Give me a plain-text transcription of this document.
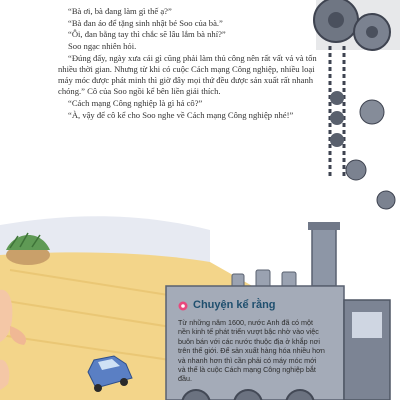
“Bà ơi, bà đang làm gì thế ạ?”

“Bà đan áo để tặng sinh nhật bé Soo của bà.”

“Ôi, đan bằng tay thì chắc sẽ lâu lắm bà nhỉ?”

Soo ngạc nhiên hỏi.

“Đúng đấy, ngày xưa cái gì cũng phải làm thủ công nên rất vất vả và tốn nhiều thời gian. Nhưng từ khi có cuộc Cách mạng Công nghiệp, nhiều loại máy móc được phát minh thì giờ đây mọi thứ đều được sản xuất rất nhanh chóng.” Cô của Soo ngồi kể bên liền giải thích.

“Cách mạng Công nghiệp là gì hả cô?”

“À, vậy để cô kể cho Soo nghe về Cách mạng Công nghiệp nhé!”

Chuyện kể rằng
Từ những năm 1600, nước Anh đã có một nền kinh tế phát triển vượt bậc nhờ vào việc buôn bán với các nước thuộc địa ở khắp nơi trên thế giới. Để sản xuất hàng hóa nhiều hơn và nhanh hơn thì cần phải có máy móc mới và thế là cuộc Cách mạng Công nghiệp bắt đầu.
